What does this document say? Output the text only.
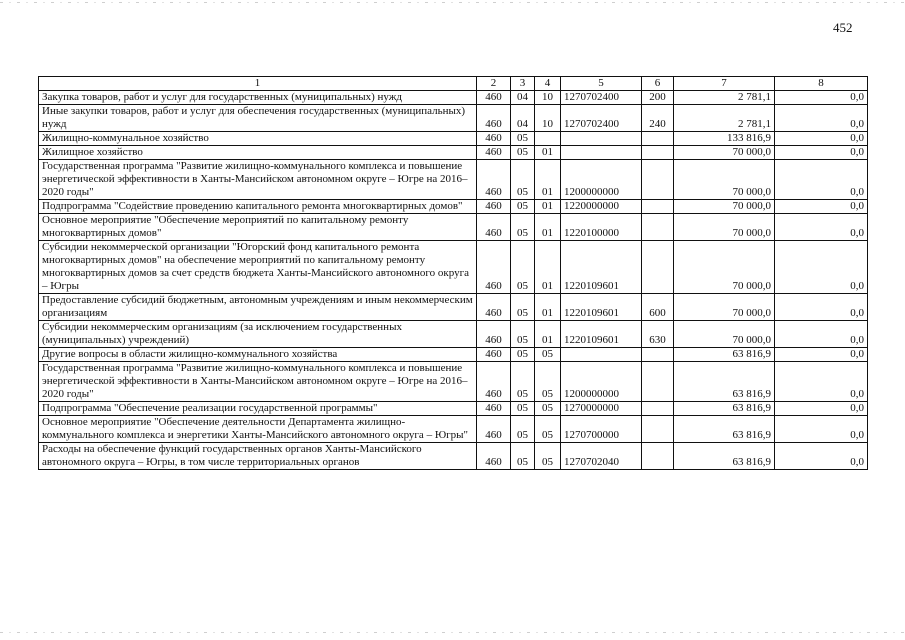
452
1	2	3	4	5	6	7	8
Закупка товаров, работ и услуг для государственных (муниципальных) нужд	460	04	10	1270702400	200	2 781,1	0,0
Иные закупки товаров, работ и услуг для обеспечения государственных (муниципальных) нужд	460	04	10	1270702400	240	2 781,1	0,0
Жилищно-коммунальное хозяйство	460	05				133 816,9	0,0
Жилищное хозяйство	460	05	01			70 000,0	0,0
Государственная программа "Развитие жилищно-коммунального комплекса и повышение энергетической эффективности в Ханты-Мансийском автономном округе – Югре на 2016–2020 годы"	460	05	01	1200000000		70 000,0	0,0
Подпрограмма "Содействие проведению капитального ремонта многоквартирных домов"	460	05	01	1220000000		70 000,0	0,0
Основное мероприятие "Обеспечение мероприятий по капитальному ремонту многоквартирных домов"	460	05	01	1220100000		70 000,0	0,0
Субсидии некоммерческой организации "Югорский фонд капитального ремонта многоквартирных домов" на обеспечение мероприятий по капитальному ремонту многоквартирных домов за счет средств бюджета Ханты-Мансийского автономного округа – Югры	460	05	01	1220109601		70 000,0	0,0
Предоставление субсидий бюджетным, автономным учреждениям и иным некоммерческим организациям	460	05	01	1220109601	600	70 000,0	0,0
Субсидии некоммерческим организациям (за исключением государственных (муниципальных) учреждений)	460	05	01	1220109601	630	70 000,0	0,0
Другие вопросы в области жилищно-коммунального хозяйства	460	05	05			63 816,9	0,0
Государственная программа "Развитие жилищно-коммунального комплекса и повышение энергетической эффективности в Ханты-Мансийском автономном округе – Югре на 2016–2020 годы"	460	05	05	1200000000		63 816,9	0,0
Подпрограмма "Обеспечение реализации государственной программы"	460	05	05	1270000000		63 816,9	0,0
Основное мероприятие "Обеспечение деятельности Департамента жилищно-коммунального комплекса и энергетики Ханты-Мансийского автономного округа – Югры"	460	05	05	1270700000		63 816,9	0,0
Расходы на обеспечение функций государственных органов Ханты-Мансийского автономного округа – Югры, в том числе территориальных органов	460	05	05	1270702040		63 816,9	0,0
